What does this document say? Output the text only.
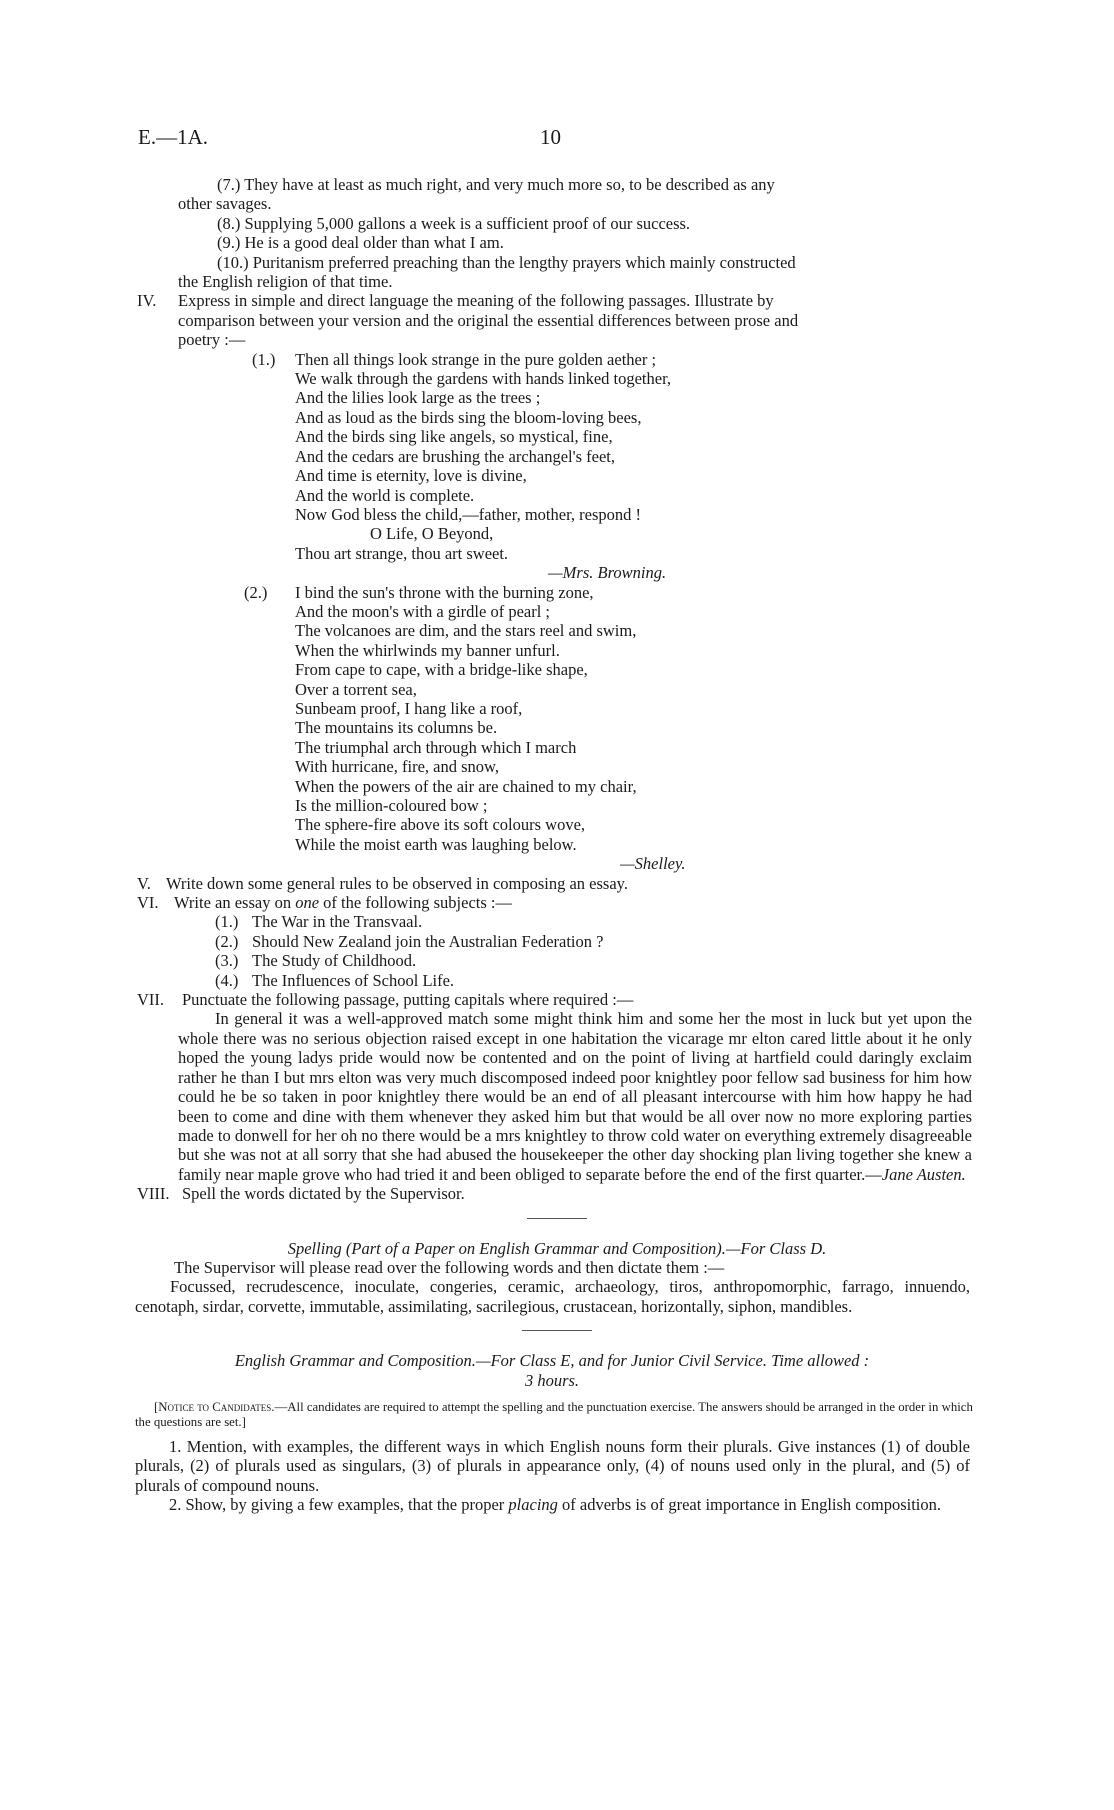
E.—1A.	10

(7.) They have at least as much right, and very much more so, to be described as any

other savages.

(8.) Supplying 5,000 gallons a week is a sufficient proof of our success.

(9.) He is a good deal older than what I am.

(10.) Puritanism preferred preaching than the lengthy prayers which mainly constructed

the English religion of that time.

IV. Express in simple and direct language the meaning of the following passages. Illustrate by

comparison between your version and the original the essential differences between prose and

poetry :—

(1.) Then all things look strange in the pure golden aether ;
We walk through the gardens with hands linked together,
And the lilies look large as the trees ;
And as loud as the birds sing the bloom-loving bees,
And the birds sing like angels, so mystical, fine,
And the cedars are brushing the archangel's feet,
And time is eternity, love is divine,
And the world is complete.
Now God bless the child,—father, mother, respond !
O Life, O Beyond,
Thou art strange, thou art sweet.
—Mrs. Browning.
(2.) I bind the sun's throne with the burning zone,
And the moon's with a girdle of pearl ;
The volcanoes are dim, and the stars reel and swim,
When the whirlwinds my banner unfurl.
From cape to cape, with a bridge-like shape,
Over a torrent sea,
Sunbeam proof, I hang like a roof,
The mountains its columns be.
The triumphal arch through which I march
With hurricane, fire, and snow,
When the powers of the air are chained to my chair,
Is the million-coloured bow ;
The sphere-fire above its soft colours wove,
While the moist earth was laughing below.
—Shelley.
V. Write down some general rules to be observed in composing an essay.
VI. Write an essay on one of the following subjects :—
(1.) The War in the Transvaal.
(2.) Should New Zealand join the Australian Federation ?
(3.) The Study of Childhood.
(4.) The Influences of School Life.
VII. Punctuate the following passage, putting capitals where required :—

In general it was a well-approved match some might think him and some her the most in luck but yet upon the whole there was no serious objection raised except in one habitation the vicarage mr elton cared little about it he only hoped the young ladys pride would now be contented and on the point of living at hartfield could daringly exclaim rather he than I but mrs elton was very much discomposed indeed poor knightley poor fellow sad business for him how could he be so taken in poor knightley there would be an end of all pleasant intercourse with him how happy he had been to come and dine with them whenever they asked him but that would be all over now no more exploring parties made to donwell for her oh no there would be a mrs knightley to throw cold water on everything extremely disagreeable but she was not at all sorry that she had abused the housekeeper the other day shocking plan living together she knew a family near maple grove who had tried it and been obliged to separate before the end of the first quarter.—Jane Austen.

VIII. Spell the words dictated by the Supervisor.
Spelling (Part of a Paper on English Grammar and Composition).—For Class D.

The Supervisor will please read over the following words and then dictate them :—

Focussed, recrudescence, inoculate, congeries, ceramic, archaeology, tiros, anthropomorphic, farrago, innuendo, cenotaph, sirdar, corvette, immutable, assimilating, sacrilegious, crustacean, horizontally, siphon, mandibles.

English Grammar and Composition.—For Class E, and for Junior Civil Service. Time allowed :
3 hours.

[Notice to Candidates.—All candidates are required to attempt the spelling and the punctuation exercise. The answers should be arranged in the order in which the questions are set.]

1. Mention, with examples, the different ways in which English nouns form their plurals. Give instances (1) of double plurals, (2) of plurals used as singulars, (3) of plurals in appearance only, (4) of nouns used only in the plural, and (5) of plurals of compound nouns.

2. Show, by giving a few examples, that the proper placing of adverbs is of great importance in English composition.
